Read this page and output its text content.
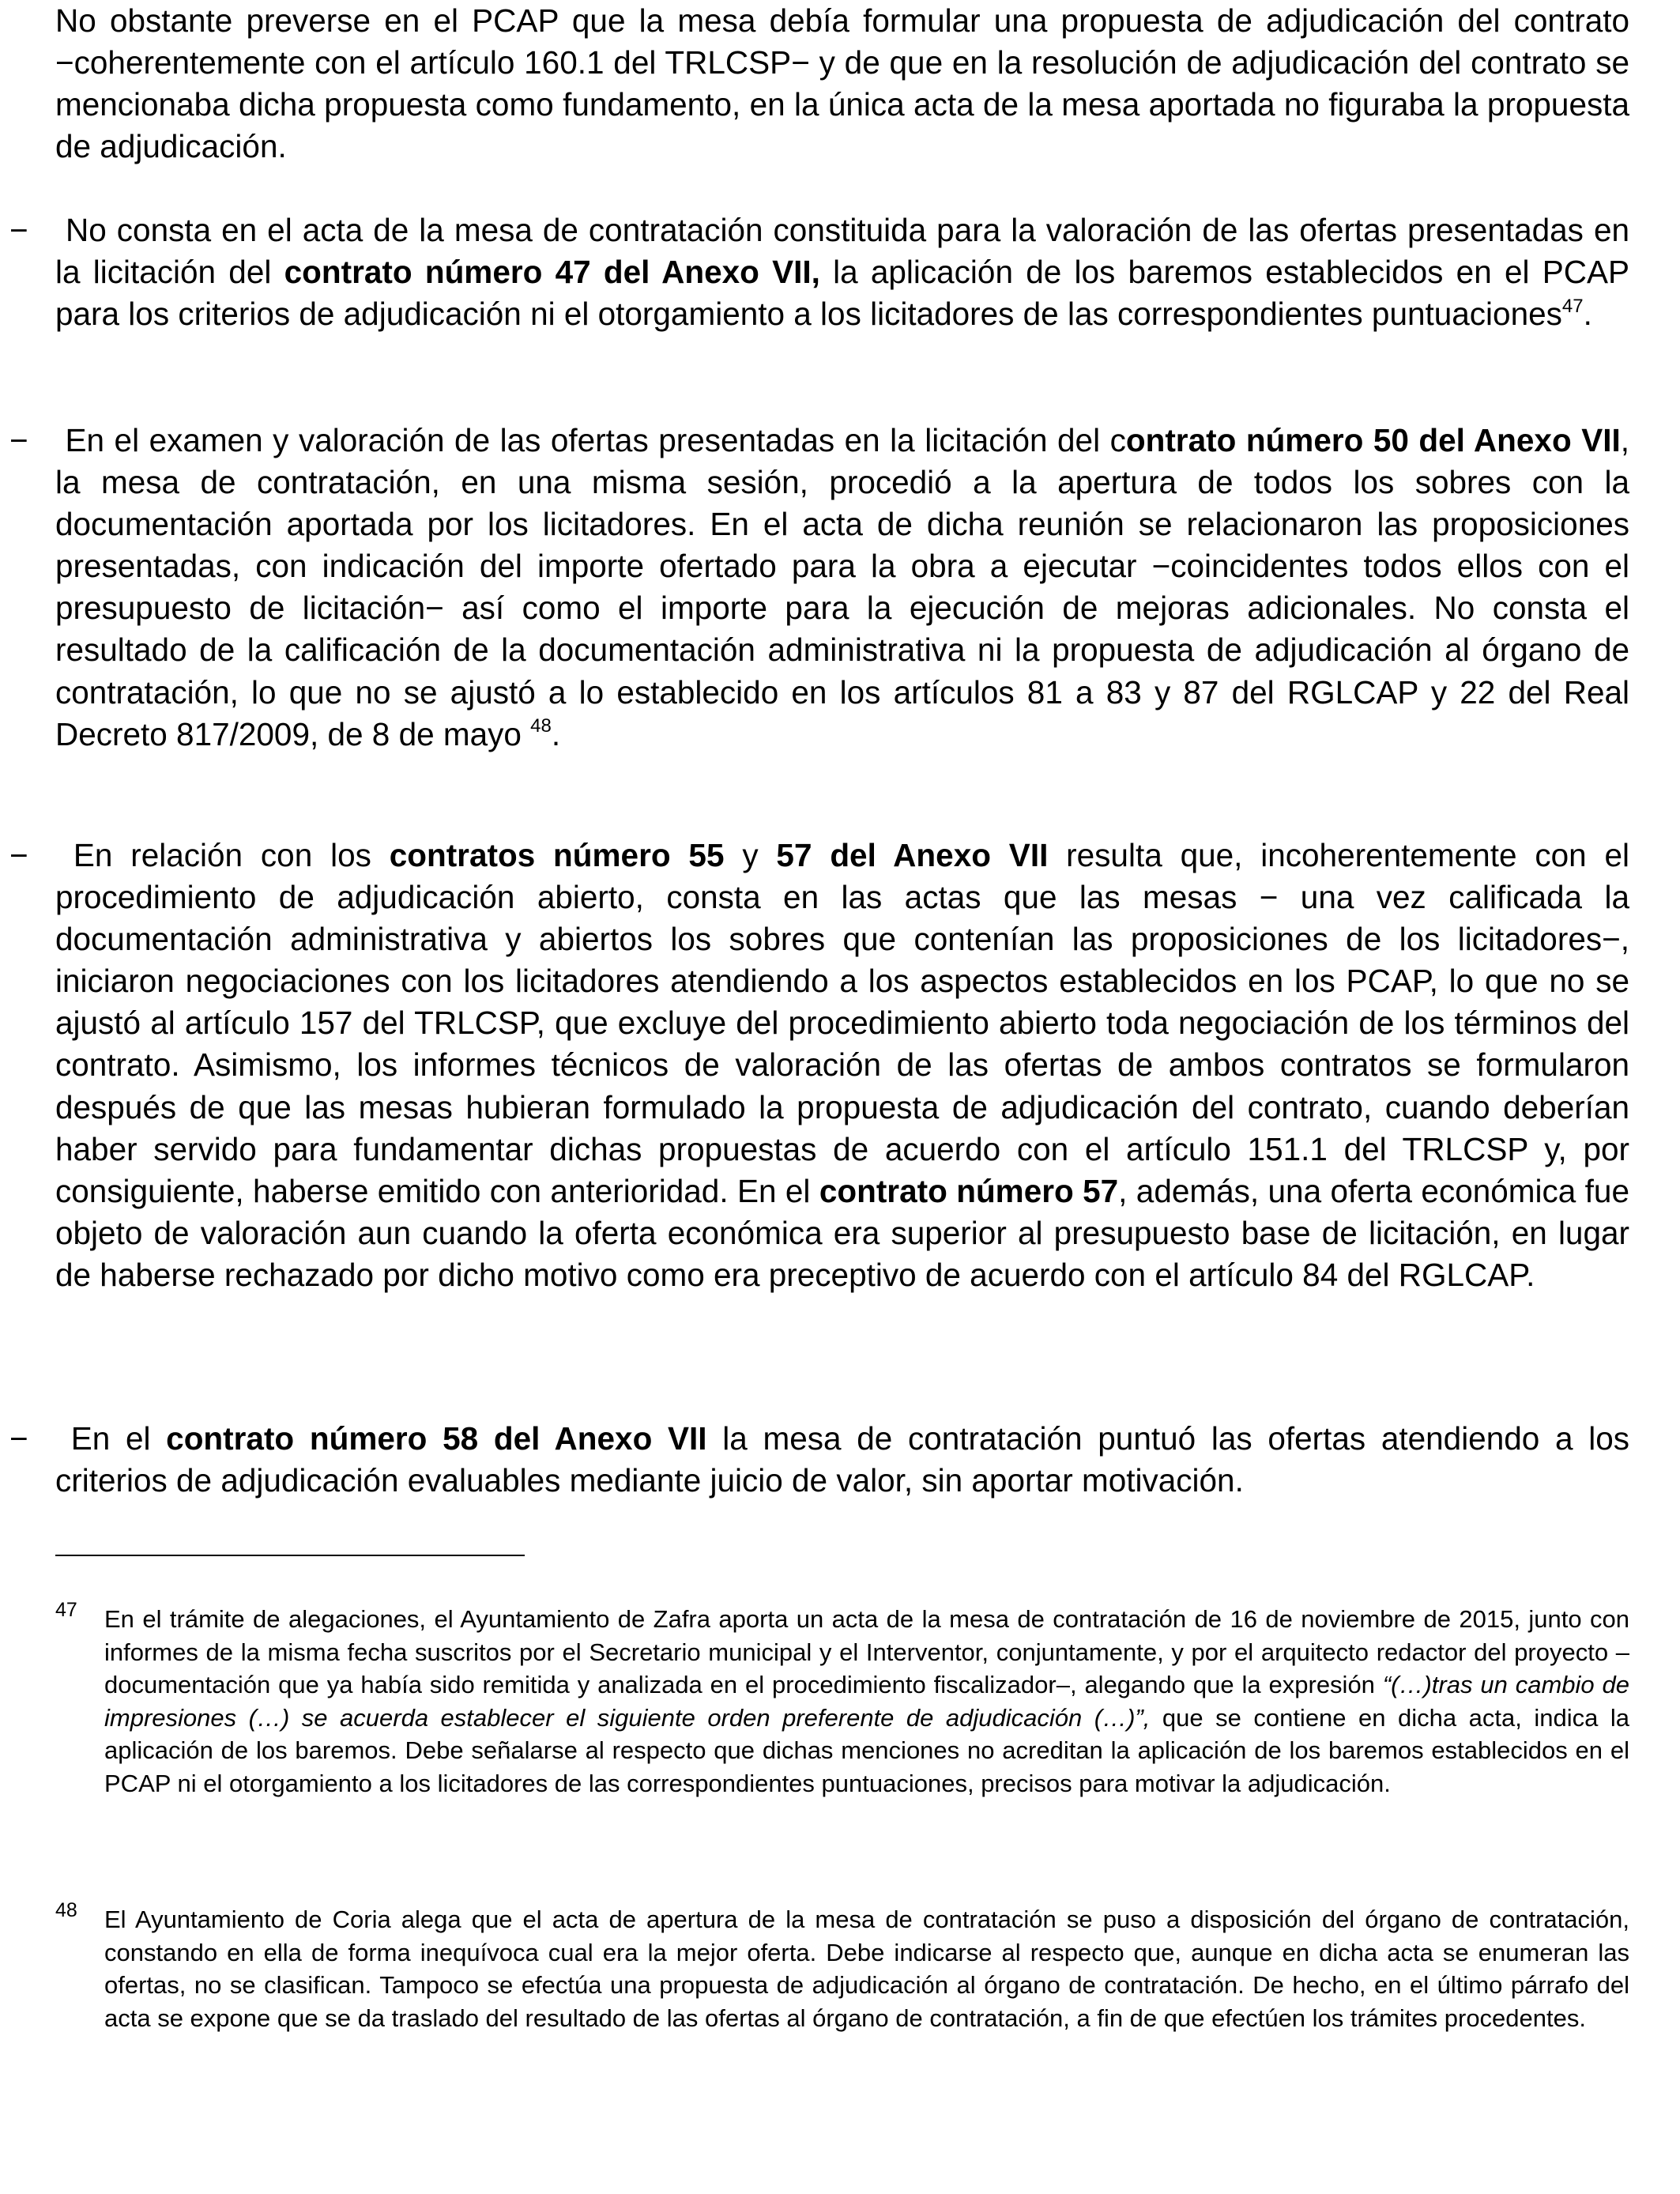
No obstante preverse en el PCAP que la mesa debía formular una propuesta de adjudicación del contrato −coherentemente con el artículo 160.1 del TRLCSP− y de que en la resolución de adjudicación del contrato se mencionaba dicha propuesta como fundamento, en la única acta de la mesa aportada no figuraba la propuesta de adjudicación.

−	No consta en el acta de la mesa de contratación constituida para la valoración de las ofertas presentadas en la licitación del contrato número 47 del Anexo VII, la aplicación de los baremos establecidos en el PCAP para los criterios de adjudicación ni el otorgamiento a los licitadores de las correspondientes puntuaciones$^{47}$.

−	En el examen y valoración de las ofertas presentadas en la licitación del contrato número 50 del Anexo VII, la mesa de contratación, en una misma sesión, procedió a la apertura de todos los sobres con la documentación aportada por los licitadores. En el acta de dicha reunión se relacionaron las proposiciones presentadas, con indicación del importe ofertado para la obra a ejecutar −coincidentes todos ellos con el presupuesto de licitación− así como el importe para la ejecución de mejoras adicionales. No consta el resultado de la calificación de la documentación administrativa ni la propuesta de adjudicación al órgano de contratación, lo que no se ajustó a lo establecido en los artículos 81 a 83 y 87 del RGLCAP y 22 del Real Decreto 817/2009, de 8 de mayo $^{48}$.

−	En relación con los contratos número 55 y 57 del Anexo VII resulta que, incoherentemente con el procedimiento de adjudicación abierto, consta en las actas que las mesas − una vez calificada la documentación administrativa y abiertos los sobres que contenían las proposiciones de los licitadores−, iniciaron negociaciones con los licitadores atendiendo a los aspectos establecidos en los PCAP, lo que no se ajustó al artículo 157 del TRLCSP, que excluye del procedimiento abierto toda negociación de los términos del contrato. Asimismo, los informes técnicos de valoración de las ofertas de ambos contratos se formularon después de que las mesas hubieran formulado la propuesta de adjudicación del contrato, cuando deberían haber servido para fundamentar dichas propuestas de acuerdo con el artículo 151.1 del TRLCSP y, por consiguiente, haberse emitido con anterioridad. En el contrato número 57, además, una oferta económica fue objeto de valoración aun cuando la oferta económica era superior al presupuesto base de licitación, en lugar de haberse rechazado por dicho motivo como era preceptivo de acuerdo con el artículo 84 del RGLCAP.

−	En el contrato número 58 del Anexo VII la mesa de contratación puntuó las ofertas atendiendo a los criterios de adjudicación evaluables mediante juicio de valor, sin aportar motivación.

47 En el trámite de alegaciones, el Ayuntamiento de Zafra aporta un acta de la mesa de contratación de 16 de noviembre de 2015, junto con informes de la misma fecha suscritos por el Secretario municipal y el Interventor, conjuntamente, y por el arquitecto redactor del proyecto –documentación que ya había sido remitida y analizada en el procedimiento fiscalizador–, alegando que la expresión “(…)tras un cambio de impresiones (…) se acuerda establecer el siguiente orden preferente de adjudicación (…)”, que se contiene en dicha acta, indica la aplicación de los baremos. Debe señalarse al respecto que dichas menciones no acreditan la aplicación de los baremos establecidos en el PCAP ni el otorgamiento a los licitadores de las correspondientes puntuaciones, precisos para motivar la adjudicación.

48 El Ayuntamiento de Coria alega que el acta de apertura de la mesa de contratación se puso a disposición del órgano de contratación, constando en ella de forma inequívoca cual era la mejor oferta. Debe indicarse al respecto que, aunque en dicha acta se enumeran las ofertas, no se clasifican. Tampoco se efectúa una propuesta de adjudicación al órgano de contratación. De hecho, en el último párrafo del acta se expone que se da traslado del resultado de las ofertas al órgano de contratación, a fin de que efectúen los trámites procedentes.
